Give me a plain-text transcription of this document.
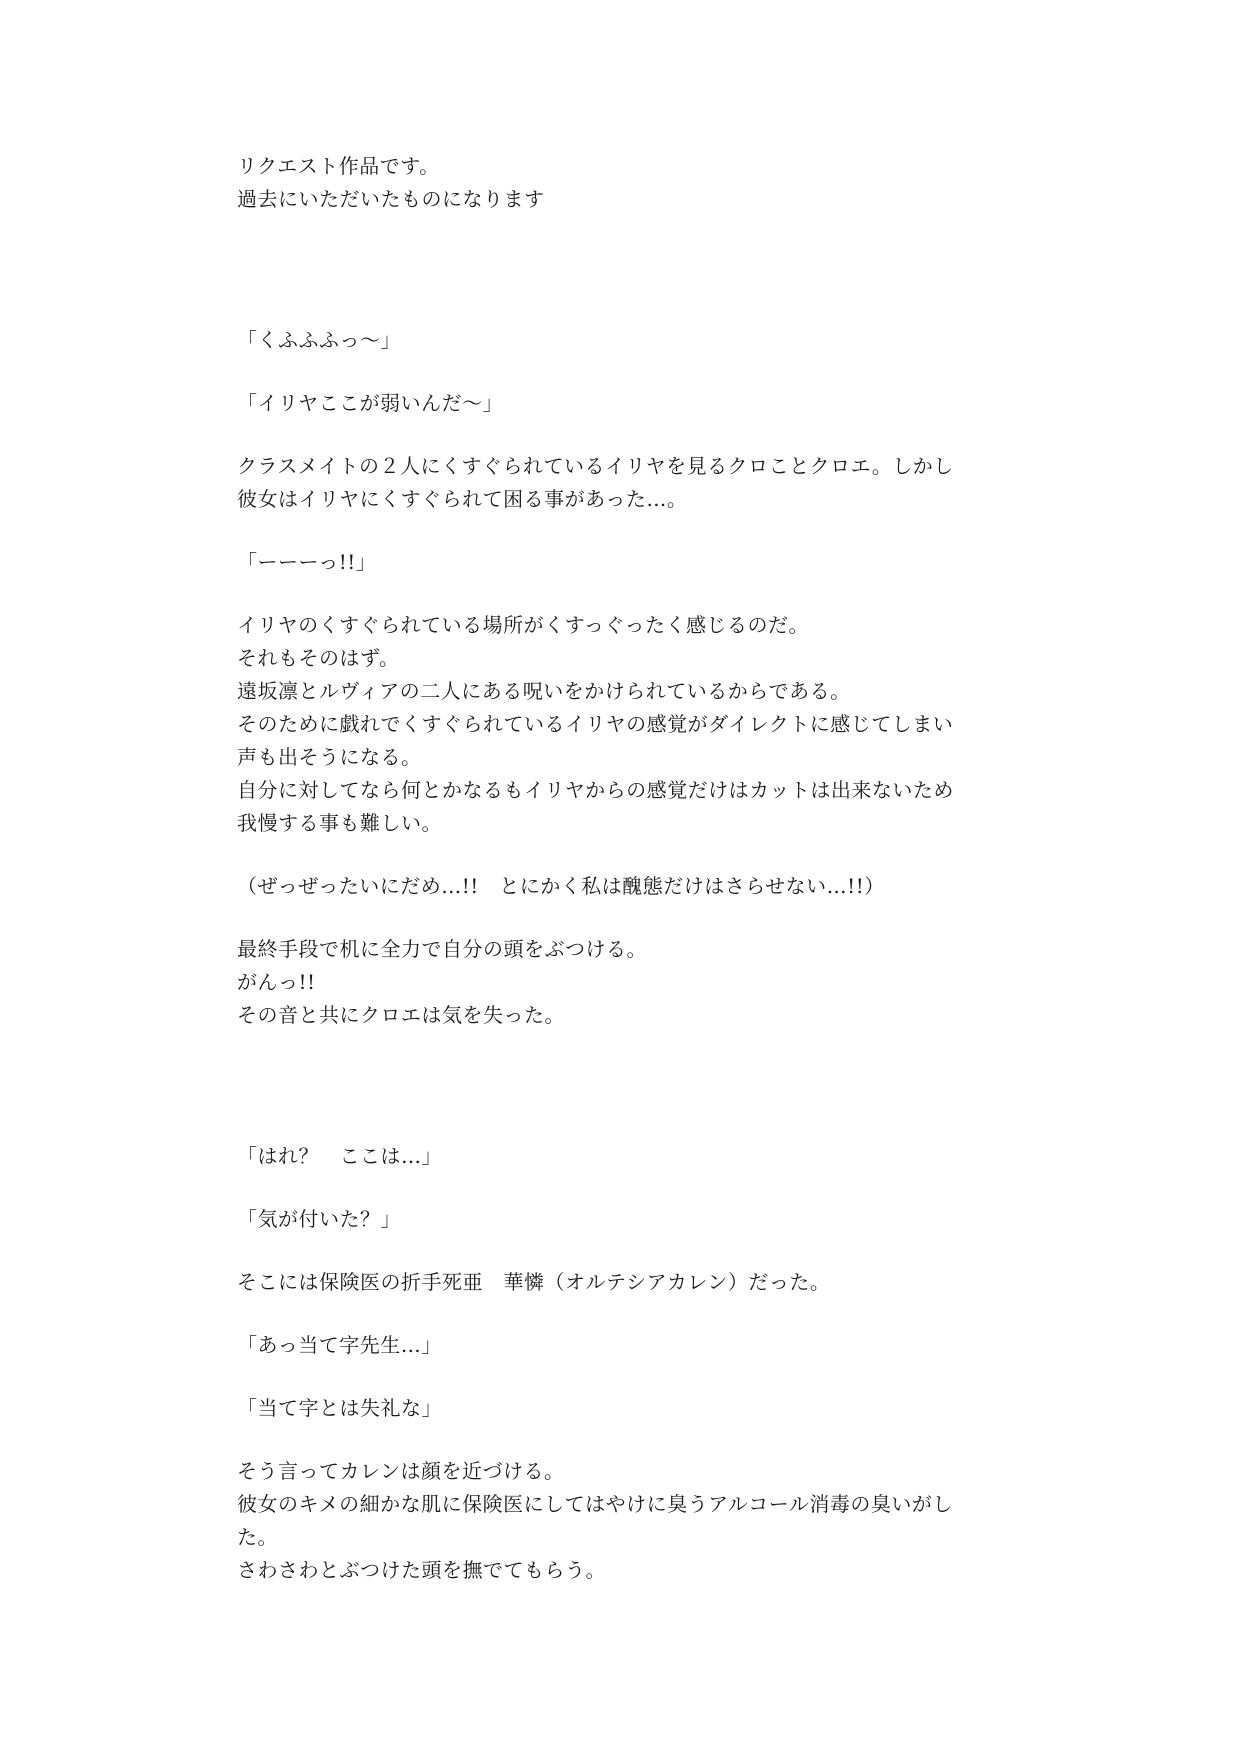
リクエスト作品です。
過去にいただいたものになります
「くふふふっ～」
「イリヤここが弱いんだ～」
クラスメイトの２人にくすぐられているイリヤを見るクロことクロエ。しかし
彼女はイリヤにくすぐられて困る事があった…。
「ーーーっ!!」
イリヤのくすぐられている場所がくすっぐったく感じるのだ。
それもそのはず。
遠坂凛とルヴィアの二人にある呪いをかけられているからである。
そのために戯れでくすぐられているイリヤの感覚がダイレクトに感じてしまい
声も出そうになる。
自分に対してなら何とかなるもイリヤからの感覚だけはカットは出来ないため
我慢する事も難しい。
（ぜっぜったいにだめ…!!　とにかく私は醜態だけはさらせない…!!）
最終手段で机に全力で自分の頭をぶつける。
がんっ!!
その音と共にクロエは気を失った。
「はれ？　ここは…」
「気が付いた？」
そこには保険医の折手死亜　華憐（オルテシアカレン）だった。
「あっ当て字先生…」
「当て字とは失礼な」
そう言ってカレンは顔を近づける。
彼女のキメの細かな肌に保険医にしてはやけに臭うアルコール消毒の臭いがし
た。
さわさわとぶつけた頭を撫でてもらう。
